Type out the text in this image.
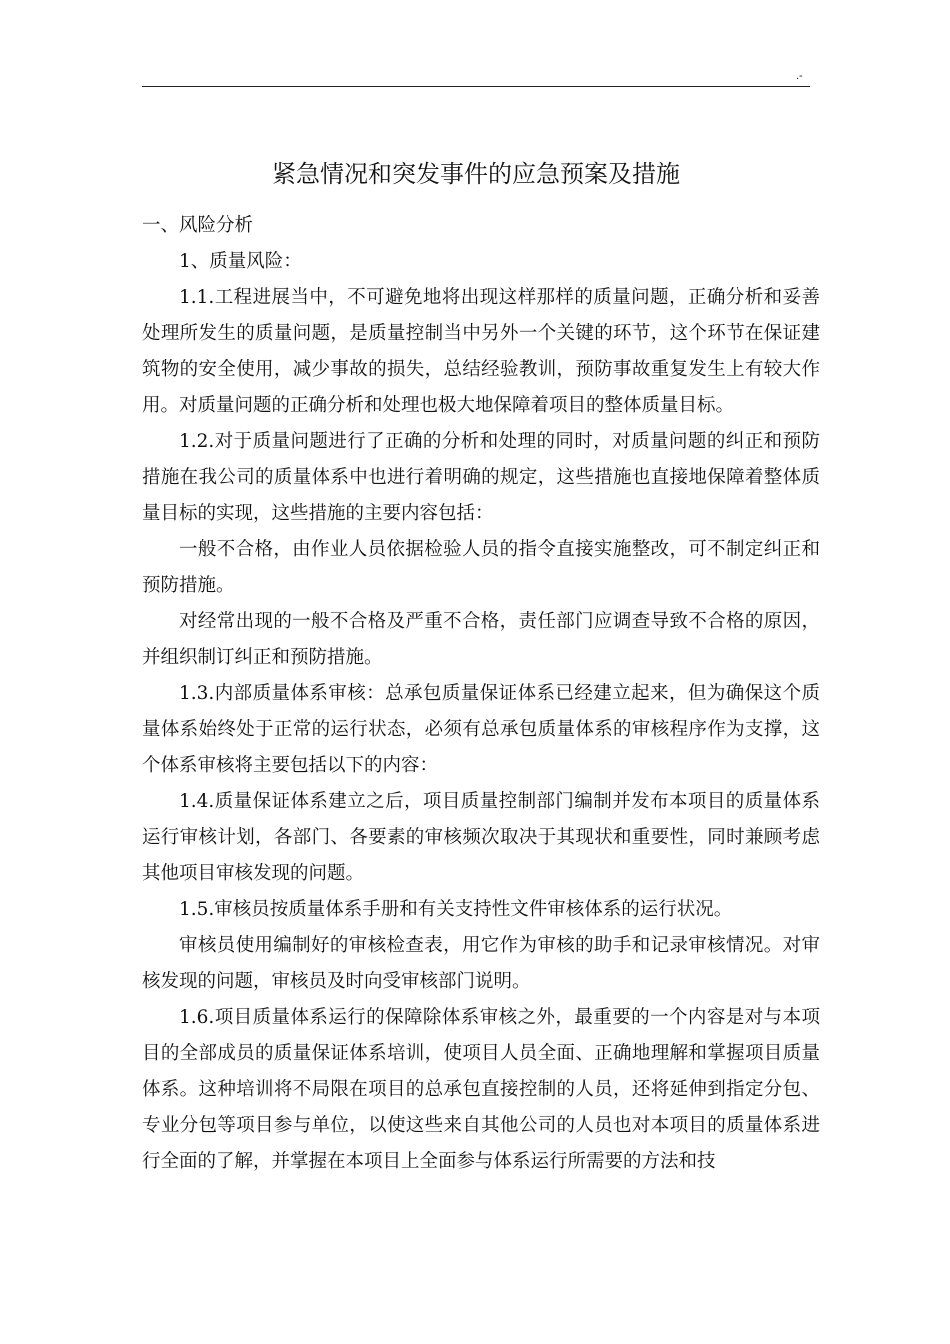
.-
紧急情况和突发事件的应急预案及措施

一、风险分析

1、质量风险：

1.1.工程进展当中，不可避免地将出现这样那样的质量问题，正确分析和妥善处理所发生的质量问题，是质量控制当中另外一个关键的环节，这个环节在保证建筑物的安全使用，减少事故的损失，总结经验教训，预防事故重复发生上有较大作用。对质量问题的正确分析和处理也极大地保障着项目的整体质量目标。

1.2.对于质量问题进行了正确的分析和处理的同时，对质量问题的纠正和预防措施在我公司的质量体系中也进行着明确的规定，这些措施也直接地保障着整体质量目标的实现，这些措施的主要内容包括：

一般不合格，由作业人员依据检验人员的指令直接实施整改，可不制定纠正和预防措施。

对经常出现的一般不合格及严重不合格，责任部门应调查导致不合格的原因，并组织制订纠正和预防措施。

1.3.内部质量体系审核：总承包质量保证体系已经建立起来，但为确保这个质量体系始终处于正常的运行状态，必须有总承包质量体系的审核程序作为支撑，这个体系审核将主要包括以下的内容：

1.4.质量保证体系建立之后，项目质量控制部门编制并发布本项目的质量体系运行审核计划，各部门、各要素的审核频次取决于其现状和重要性，同时兼顾考虑其他项目审核发现的问题。

1.5.审核员按质量体系手册和有关支持性文件审核体系的运行状况。

审核员使用编制好的审核检查表，用它作为审核的助手和记录审核情况。对审核发现的问题，审核员及时向受审核部门说明。

1.6.项目质量体系运行的保障除体系审核之外，最重要的一个内容是对与本项目的全部成员的质量保证体系培训，使项目人员全面、正确地理解和掌握项目质量体系。这种培训将不局限在项目的总承包直接控制的人员，还将延伸到指定分包、专业分包等项目参与单位，以使这些来自其他公司的人员也对本项目的质量体系进行全面的了解，并掌握在本项目上全面参与体系运行所需要的方法和技
